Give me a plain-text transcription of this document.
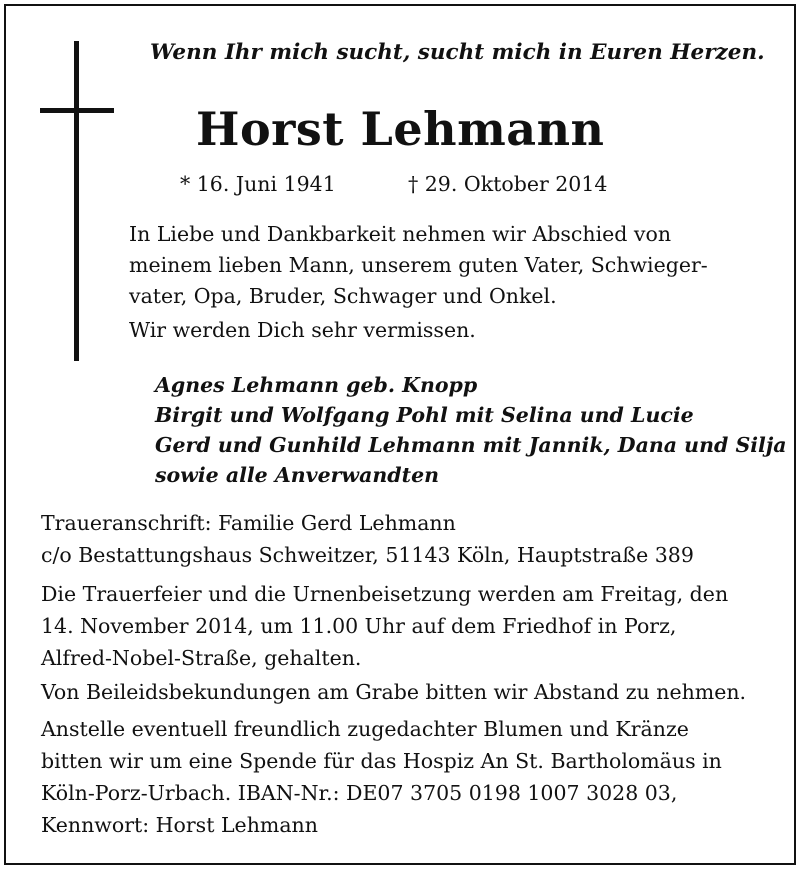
Wenn Ihr mich sucht, sucht mich in Euren Herzen.
Horst Lehmann
* 16. Juni 1941	† 29. Oktober 2014
In Liebe und Dankbarkeit nehmen wir Abschied von
meinem lieben Mann, unserem guten Vater, Schwieger-
vater, Opa, Bruder, Schwager und Onkel.
Wir werden Dich sehr vermissen.
Agnes Lehmann geb. Knopp
Birgit und Wolfgang Pohl mit Selina und Lucie
Gerd und Gunhild Lehmann mit Jannik, Dana und Silja
sowie alle Anverwandten
Traueranschrift: Familie Gerd Lehmann
c/o Bestattungshaus Schweitzer, 51143 Köln, Hauptstraße 389
Die Trauerfeier und die Urnenbeisetzung werden am Freitag, den
14. November 2014, um 11.00 Uhr auf dem Friedhof in Porz,
Alfred-Nobel-Straße, gehalten.
Von Beileidsbekundungen am Grabe bitten wir Abstand zu nehmen.
Anstelle eventuell freundlich zugedachter Blumen und Kränze
bitten wir um eine Spende für das Hospiz An St. Bartholomäus in
Köln-Porz-Urbach. IBAN-Nr.: DE07 3705 0198 1007 3028 03,
Kennwort: Horst Lehmann
